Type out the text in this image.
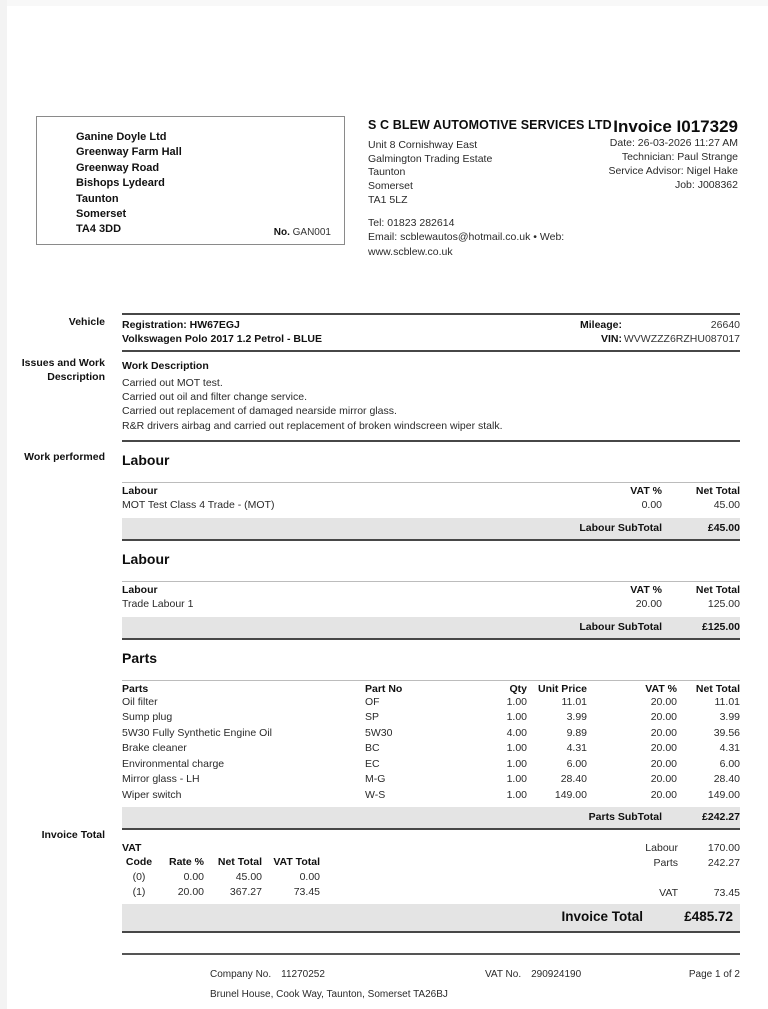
Ganine Doyle Ltd
Greenway Farm Hall
Greenway Road
Bishops Lydeard
Taunton
Somerset
TA4 3DD	No. GAN001
S C BLEW AUTOMOTIVE SERVICES LTD
Unit 8 Cornishway East
Galmington Trading Estate
Taunton
Somerset
TA1 5LZ
Tel: 01823 282614
Email: scblewautos@hotmail.co.uk • Web: www.scblew.co.uk
Invoice I017329
Date: 26-03-2026 11:27 AM
Technician: Paul Strange
Service Advisor: Nigel Hake
Job: J008362
Vehicle
Issues and Work
Description
Work performed
Invoice Total
Registration: HW67EGJ	Mileage:	26640
Volkswagen Polo 2017 1.2 Petrol - BLUE	VIN: WVWZZZ6RZHU087017
Work Description
Carried out MOT test.
Carried out oil and filter change service.
Carried out replacement of damaged nearside mirror glass.
R&R drivers airbag and carried out replacement of broken windscreen wiper stalk.
Labour
Labour	VAT %	Net Total
MOT Test Class 4 Trade - (MOT)	0.00	45.00
Labour SubTotal	£45.00
Labour
Labour	VAT %	Net Total
Trade Labour 1	20.00	125.00
Labour SubTotal	£125.00
Parts
Parts	Part No	Qty	Unit Price	VAT %	Net Total
Oil filter	OF	1.00	11.01	20.00	11.01
Sump plug	SP	1.00	3.99	20.00	3.99
5W30 Fully Synthetic Engine Oil	5W30	4.00	9.89	20.00	39.56
Brake cleaner	BC	1.00	4.31	20.00	4.31
Environmental charge	EC	1.00	6.00	20.00	6.00
Mirror glass - LH	M-G	1.00	28.40	20.00	28.40
Wiper switch	W-S	1.00	149.00	20.00	149.00
Parts SubTotal	£242.27
VAT
Code	Rate %	Net Total	VAT Total
(0)	0.00	45.00	0.00
(1)	20.00	367.27	73.45
Labour	170.00
Parts	242.27
VAT	73.45
Invoice Total	£485.72
Company No. 11270252	VAT No. 290924190	Page 1 of 2
Brunel House, Cook Way, Taunton, Somerset TA26BJ
